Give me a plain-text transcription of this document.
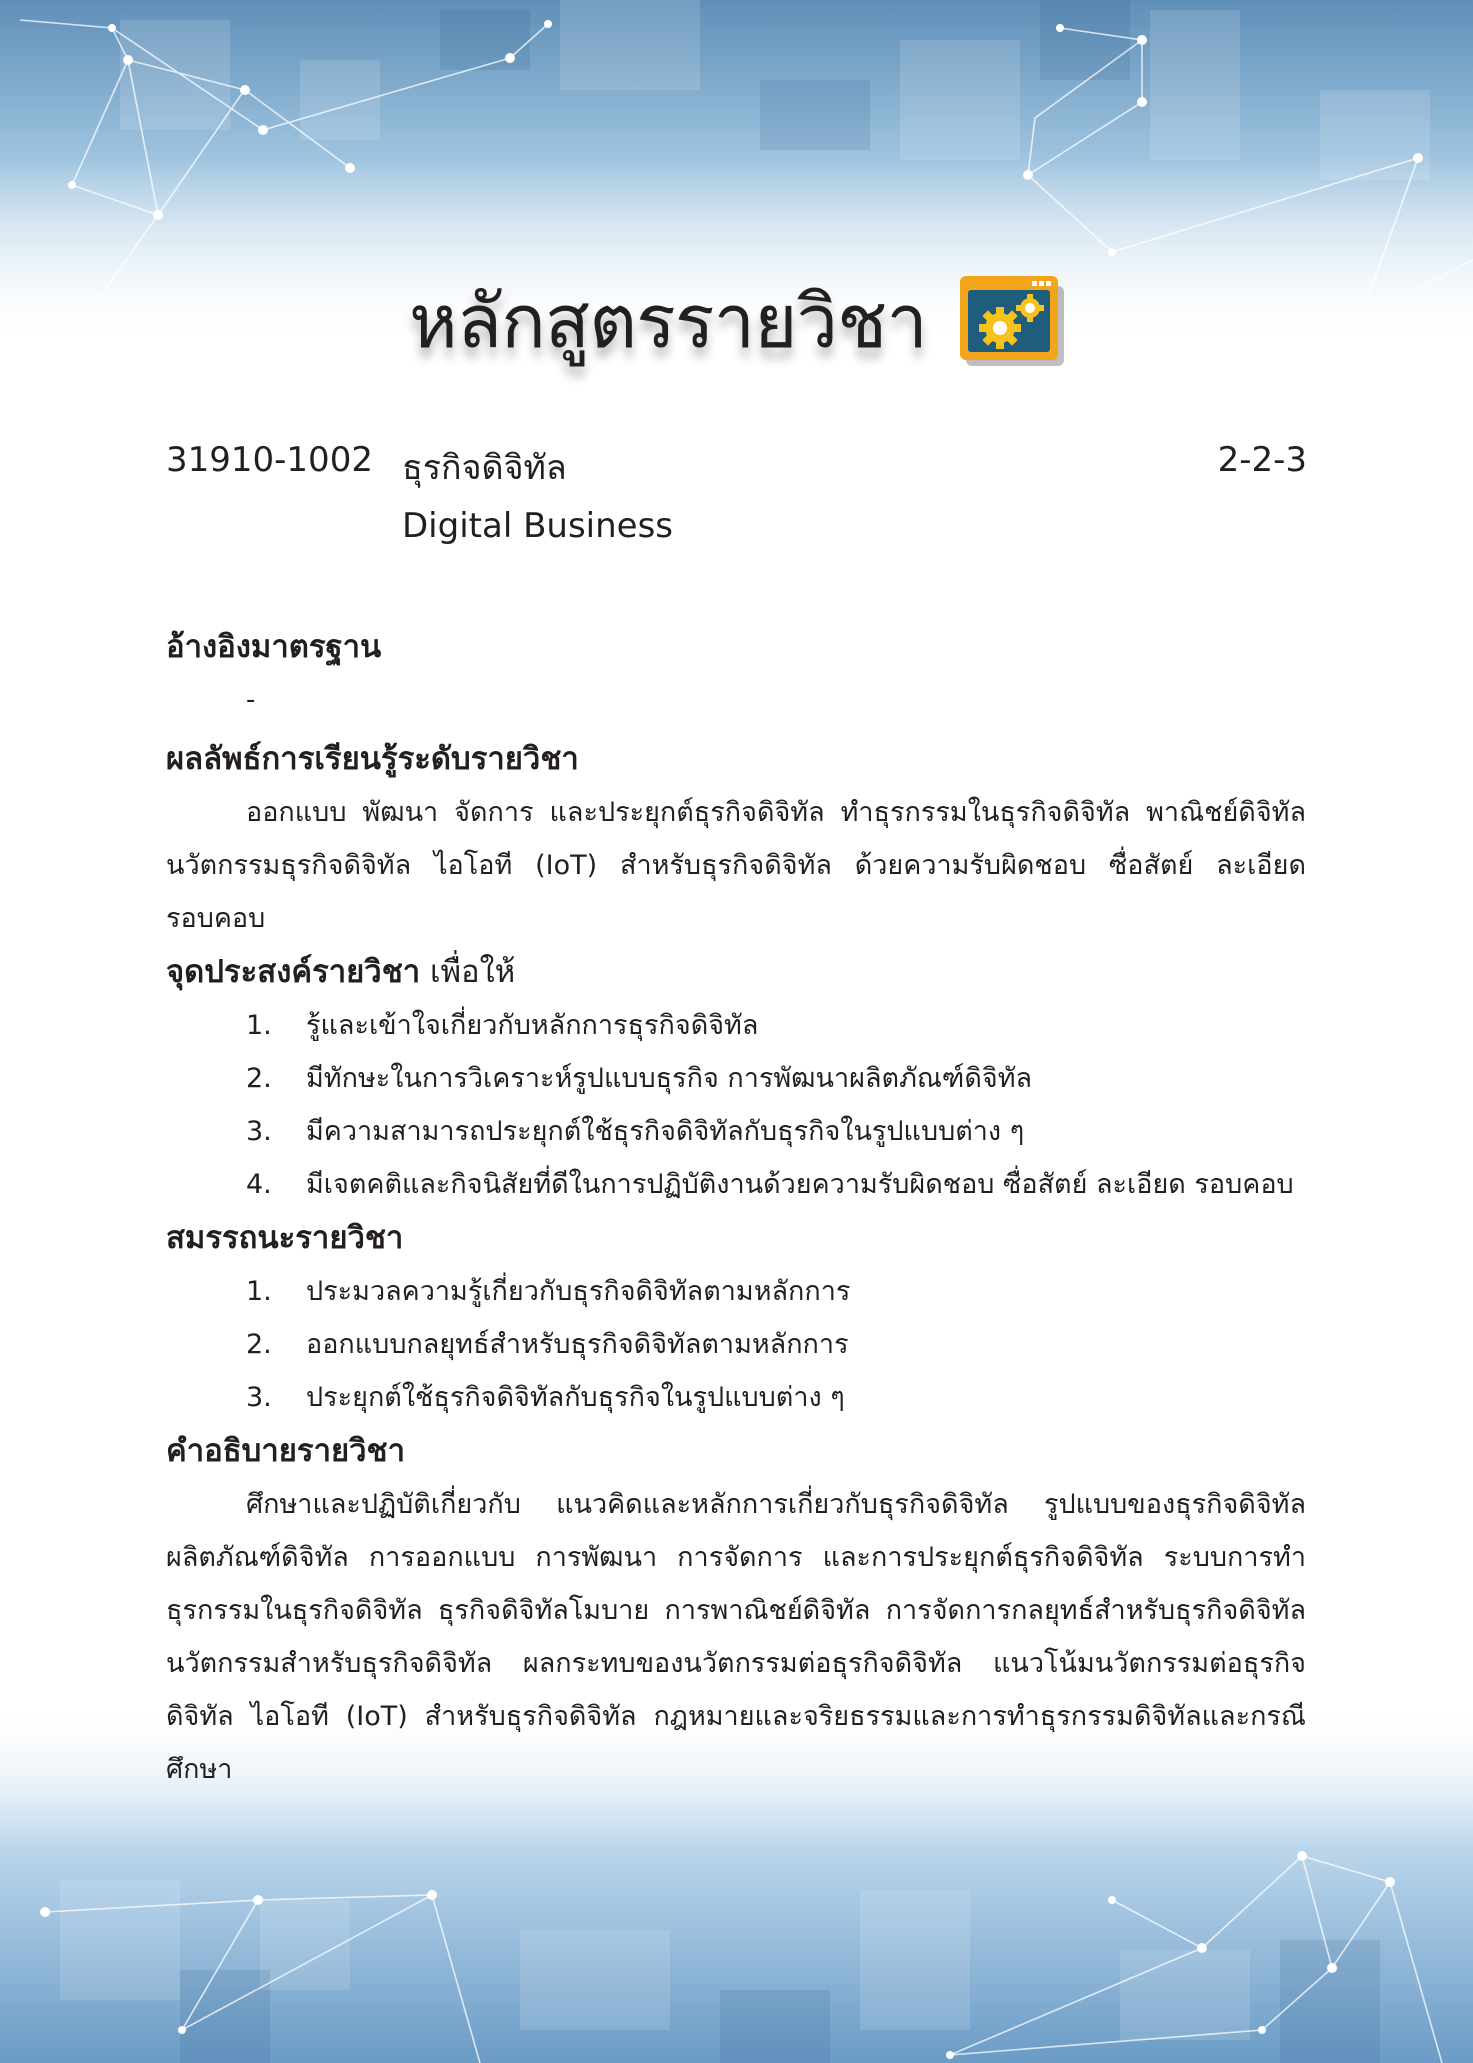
หลักสูตรรายวิชา
31910-1002 ธุรกิจดิจิทัล	2-2-3
Digital Business
อ้างอิงมาตรฐาน
-
ผลลัพธ์การเรียนรู้ระดับรายวิชา

ออกแบบ พัฒนา จัดการ และประยุกต์ธุรกิจดิจิทัล ทำธุรกรรมในธุรกิจดิจิทัล พาณิชย์ดิจิทัล นวัตกรรมธุรกิจดิจิทัล ไอโอที (IoT) สำหรับธุรกิจดิจิทัล ด้วยความรับผิดชอบ ซื่อสัตย์ ละเอียด รอบคอบ

จุดประสงค์รายวิชา เพื่อให้
1. รู้และเข้าใจเกี่ยวกับหลักการธุรกิจดิจิทัล
2. มีทักษะในการวิเคราะห์รูปแบบธุรกิจ การพัฒนาผลิตภัณฑ์ดิจิทัล
3. มีความสามารถประยุกต์ใช้ธุรกิจดิจิทัลกับธุรกิจในรูปแบบต่าง ๆ
4. มีเจตคติและกิจนิสัยที่ดีในการปฏิบัติงานด้วยความรับผิดชอบ ซื่อสัตย์ ละเอียด รอบคอบ
สมรรถนะรายวิชา
1. ประมวลความรู้เกี่ยวกับธุรกิจดิจิทัลตามหลักการ
2. ออกแบบกลยุทธ์สำหรับธุรกิจดิจิทัลตามหลักการ
3. ประยุกต์ใช้ธุรกิจดิจิทัลกับธุรกิจในรูปแบบต่าง ๆ
คำอธิบายรายวิชา

ศึกษาและปฏิบัติเกี่ยวกับ แนวคิดและหลักการเกี่ยวกับธุรกิจดิจิทัล รูปแบบของธุรกิจดิจิทัล ผลิตภัณฑ์ดิจิทัล การออกแบบ การพัฒนา การจัดการ และการประยุกต์ธุรกิจดิจิทัล ระบบการทำธุรกรรมในธุรกิจดิจิทัล ธุรกิจดิจิทัลโมบาย การพาณิชย์ดิจิทัล การจัดการกลยุทธ์สำหรับธุรกิจดิจิทัล นวัตกรรมสำหรับธุรกิจดิจิทัล ผลกระทบของนวัตกรรมต่อธุรกิจดิจิทัล แนวโน้มนวัตกรรมต่อธุรกิจดิจิทัล ไอโอที (IoT) สำหรับธุรกิจดิจิทัล กฎหมายและจริยธรรมและการทำธุรกรรมดิจิทัลและกรณีศึกษา
